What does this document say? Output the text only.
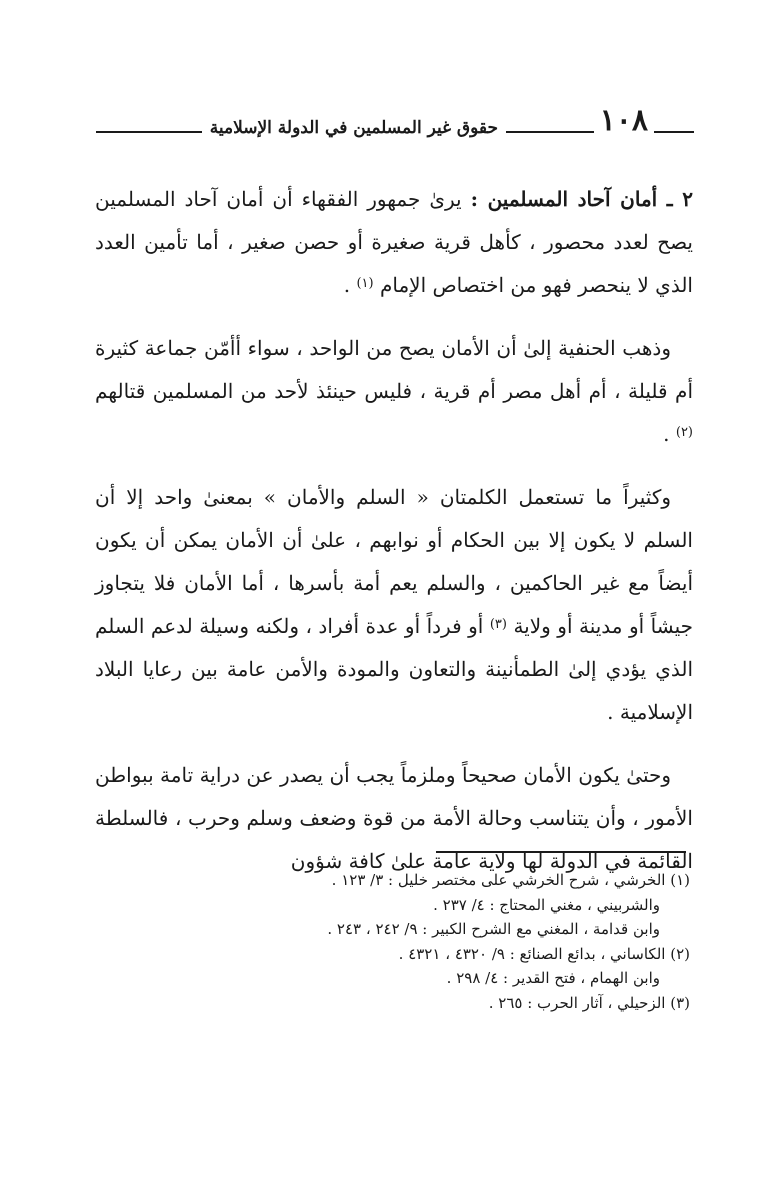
حقوق غير المسلمين في الدولة الإسلامية	١٠٨

٢ ـ أمان آحاد المسلمين : يرىٰ جمهور الفقهاء أن أمان آحاد المسلمين يصح لعدد محصور ، كأهل قرية صغيرة أو حصن صغير ، أما تأمين العدد الذي لا ينحصر فهو من اختصاص الإمام $^{(١)}$ .

وذهب الحنفية إلىٰ أن الأمان يصح من الواحد ، سواء أأمّن جماعة كثيرة أم قليلة ، أم أهل مصر أم قرية ، فليس حينئذ لأحد من المسلمين قتالهم $^{(٢)}$ .

وكثيراً ما تستعمل الكلمتان « السلم والأمان » بمعنىٰ واحد إلا أن السلم لا يكون إلا بين الحكام أو نوابهم ، علىٰ أن الأمان يمكن أن يكون أيضاً مع غير الحاكمين ، والسلم يعم أمة بأسرها ، أما الأمان فلا يتجاوز جيشاً أو مدينة أو ولاية $^{(٣)}$ أو فرداً أو عدة أفراد ، ولكنه وسيلة لدعم السلم الذي يؤدي إلىٰ الطمأنينة والتعاون والمودة والأمن عامة بين رعايا البلاد الإسلامية .

وحتىٰ يكون الأمان صحيحاً وملزماً يجب أن يصدر عن دراية تامة ببواطن الأمور ، وأن يتناسب وحالة الأمة من قوة وضعف وسلم وحرب ، فالسلطة القائمة في الدولة لها ولاية عامة علىٰ كافة شؤون

(١) الخرشي ، شرح الخرشي على مختصر خليل : ٣/ ١٢٣ .
والشربيني ، مغني المحتاج : ٤/ ٢٣٧ .
وابن قدامة ، المغني مع الشرح الكبير : ٩/ ٢٤٢ ، ٢٤٣ .
(٢) الكاساني ، بدائع الصنائع : ٩/ ٤٣٢٠ ، ٤٣٢١ .
وابن الهمام ، فتح القدير : ٤/ ٢٩٨ .
(٣) الزحيلي ، آثار الحرب : ٢٦٥ .
